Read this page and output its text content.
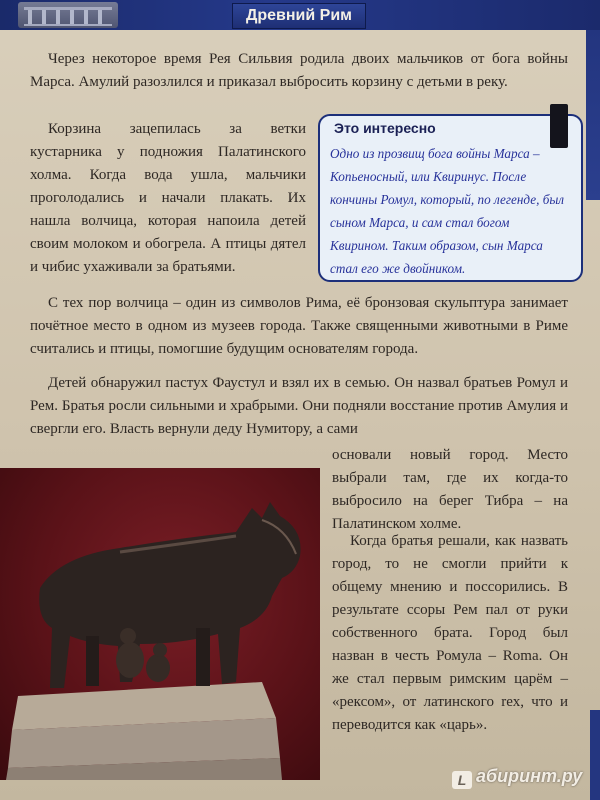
Древний Рим

Через некоторое время Рея Сильвия родила двоих мальчиков от бога войны Марса. Амулий разозлился и приказал выбросить корзину с детьми в реку.

Корзина зацепилась за ветки кустарника у подножия Палатинского холма. Когда вода ушла, мальчики проголодались и начали плакать. Их нашла волчица, которая напоила детей своим молоком и обогрела. А птицы дятел и чибис ухаживали за братьями.

Это интересно
Одно из прозвищ бога войны Марса – Копьеносный, или Квиринус. После кончины Ромул, который, по легенде, был сыном Марса, и сам стал богом Квирином. Таким образом, сын Марса стал его же двойником.

С тех пор волчица – один из символов Рима, её бронзовая скульптура занимает почётное место в одном из музеев города. Также священными животными в Риме считались и птицы, помогшие будущим основателям города.

Детей обнаружил пастух Фаустул и взял их в семью. Он назвал братьев Ромул и Рем. Братья росли сильными и храбрыми. Они подняли восстание против Амулия и свергли его. Власть вернули деду Нумитору, а сами

основали новый город. Место выбрали там, где их когда-то выбросило на берег Тибра – на Палатинском холме.

Когда братья решали, как назвать город, то не смогли прийти к общему мнению и поссорились. В результате ссоры Рем пал от руки собственного брата. Город был назван в честь Ромула – Roma. Он же стал первым римским царём – «рексом», от латинского rех, что и переводится как «царь».

L абиринт.ру
